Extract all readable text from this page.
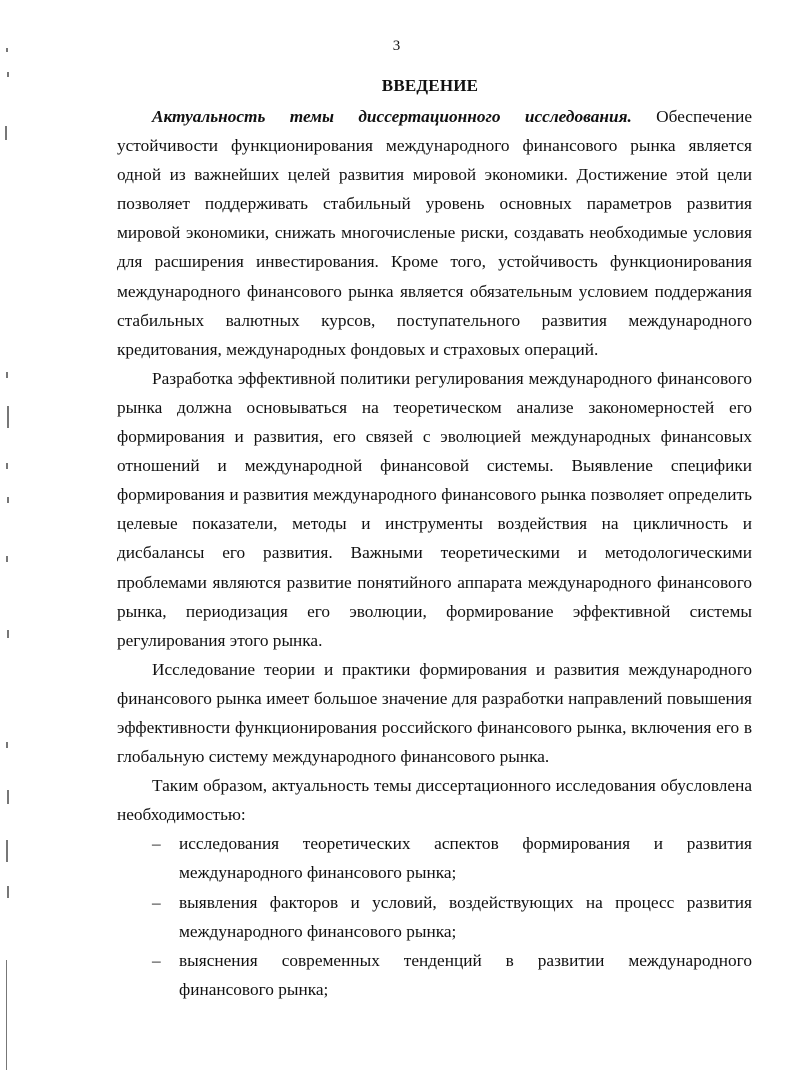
3
ВВЕДЕНИЕ

Актуальность темы диссертационного исследования. Обеспечение устойчивости функционирования международного финансового рынка является одной из важнейших целей развития мировой экономики. Достижение этой цели позволяет поддерживать стабильный уровень основных параметров развития мировой экономики, снижать многочисленые риски, создавать необходимые условия для расширения инвестирования. Кроме того, устойчивость функционирования международного финансового рынка является обязательным условием поддержания стабильных валютных курсов, поступательного развития международного кредитования, международных фондовых и страховых операций.

Разработка эффективной политики регулирования международного финансового рынка должна основываться на теоретическом анализе закономерностей его формирования и развития, его связей с эволюцией международных финансовых отношений и международной финансовой системы. Выявление специфики формирования и развития международного финансового рынка позволяет определить целевые показатели, методы и инструменты воздействия на цикличность и дисбалансы его развития. Важными теоретическими и методологическими проблемами являются развитие понятийного аппарата международного финансового рынка, периодизация его эволюции, формирование эффективной системы регулирования этого рынка.

Исследование теории и практики формирования и развития международного финансового рынка имеет большое значение для разработки направлений повышения эффективности функционирования российского финансового рынка, включения его в глобальную систему международного финансового рынка.

Таким образом, актуальность темы диссертационного исследования обусловлена необходимостью:

– исследования теоретических аспектов формирования и развития международного финансового рынка;
– выявления факторов и условий, воздействующих на процесс развития международного финансового рынка;
– выяснения современных тенденций в развитии международного финансового рынка;
